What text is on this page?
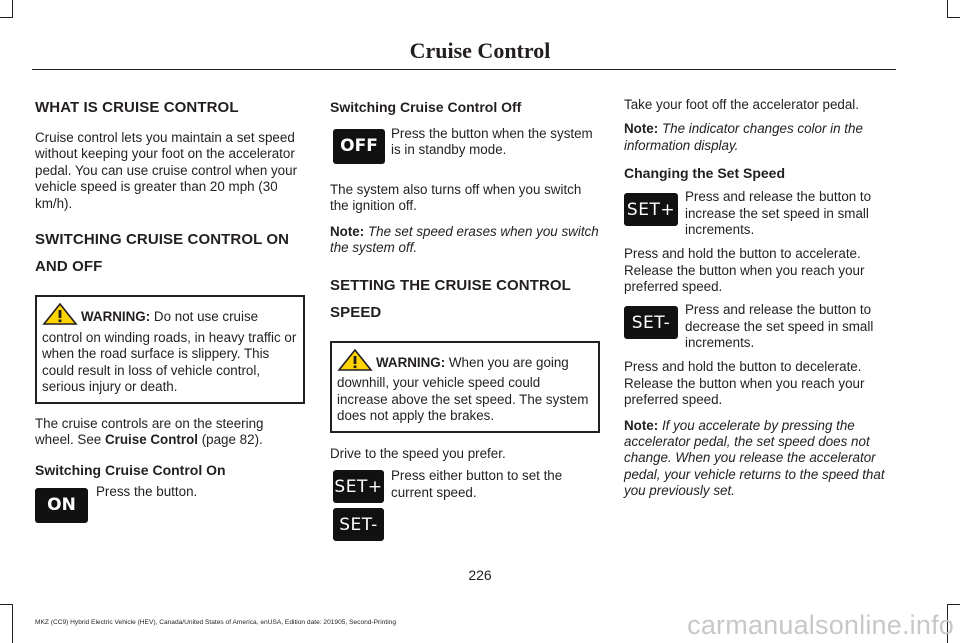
Cruise Control
WHAT IS CRUISE CONTROL

Cruise control lets you maintain a set speed without keeping your foot on the accelerator pedal. You can use cruise control when your vehicle speed is greater than 20 mph (30 km/h).

SWITCHING CRUISE CONTROL ON AND OFF
WARNING: Do not use cruise control on winding roads, in heavy traffic or when the road surface is slippery. This could result in loss of vehicle control, serious injury or death.

The cruise controls are on the steering wheel. See Cruise Control (page 82).

Switching Cruise Control On
ON

Press the button.

Switching Cruise Control Off
OFF

Press the button when the system is in standby mode.

The system also turns off when you switch the ignition off.

Note: The set speed erases when you switch the system off.

SETTING THE CRUISE CONTROL SPEED
WARNING: When you are going downhill, your vehicle speed could increase above the set speed. The system does not apply the brakes.

Drive to the speed you prefer.

SET+

Press either button to set the current speed.

SET-

Take your foot off the accelerator pedal.

Note: The indicator changes color in the information display.

Changing the Set Speed
SET+

Press and release the button to increase the set speed in small increments.

Press and hold the button to accelerate. Release the button when you reach your preferred speed.

SET-

Press and release the button to decrease the set speed in small increments.

Press and hold the button to decelerate. Release the button when you reach your preferred speed.

Note: If you accelerate by pressing the accelerator pedal, the set speed does not change. When you release the accelerator pedal, your vehicle returns to the speed that you previously set.

226
MKZ (CC9) Hybrid Electric Vehicle (HEV), Canada/United States of America, enUSA, Edition date: 201905, Second-Printing	carmanualsonline.info
